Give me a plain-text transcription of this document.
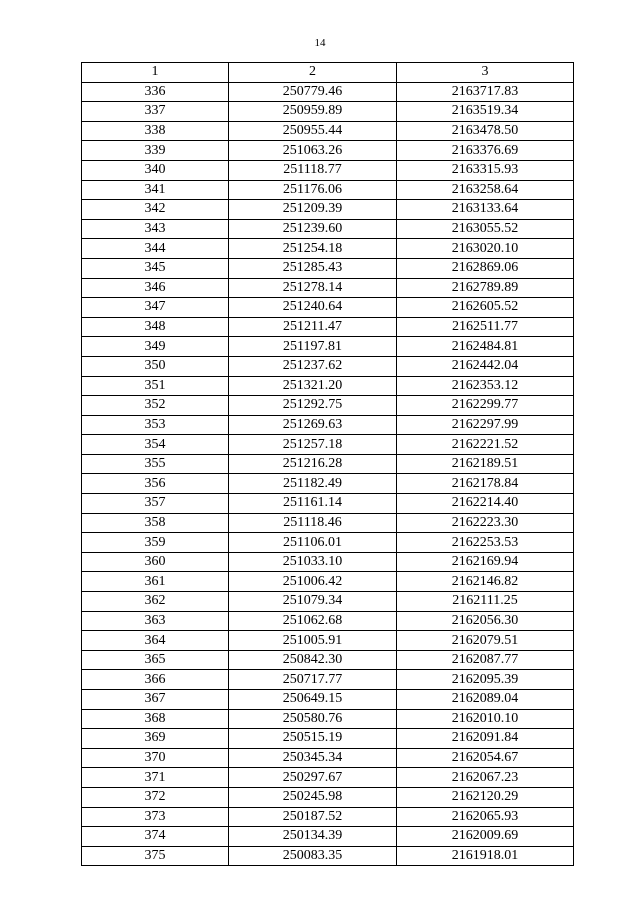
14
1	2	3
336	250779.46	2163717.83
337	250959.89	2163519.34
338	250955.44	2163478.50
339	251063.26	2163376.69
340	251118.77	2163315.93
341	251176.06	2163258.64
342	251209.39	2163133.64
343	251239.60	2163055.52
344	251254.18	2163020.10
345	251285.43	2162869.06
346	251278.14	2162789.89
347	251240.64	2162605.52
348	251211.47	2162511.77
349	251197.81	2162484.81
350	251237.62	2162442.04
351	251321.20	2162353.12
352	251292.75	2162299.77
353	251269.63	2162297.99
354	251257.18	2162221.52
355	251216.28	2162189.51
356	251182.49	2162178.84
357	251161.14	2162214.40
358	251118.46	2162223.30
359	251106.01	2162253.53
360	251033.10	2162169.94
361	251006.42	2162146.82
362	251079.34	2162111.25
363	251062.68	2162056.30
364	251005.91	2162079.51
365	250842.30	2162087.77
366	250717.77	2162095.39
367	250649.15	2162089.04
368	250580.76	2162010.10
369	250515.19	2162091.84
370	250345.34	2162054.67
371	250297.67	2162067.23
372	250245.98	2162120.29
373	250187.52	2162065.93
374	250134.39	2162009.69
375	250083.35	2161918.01
